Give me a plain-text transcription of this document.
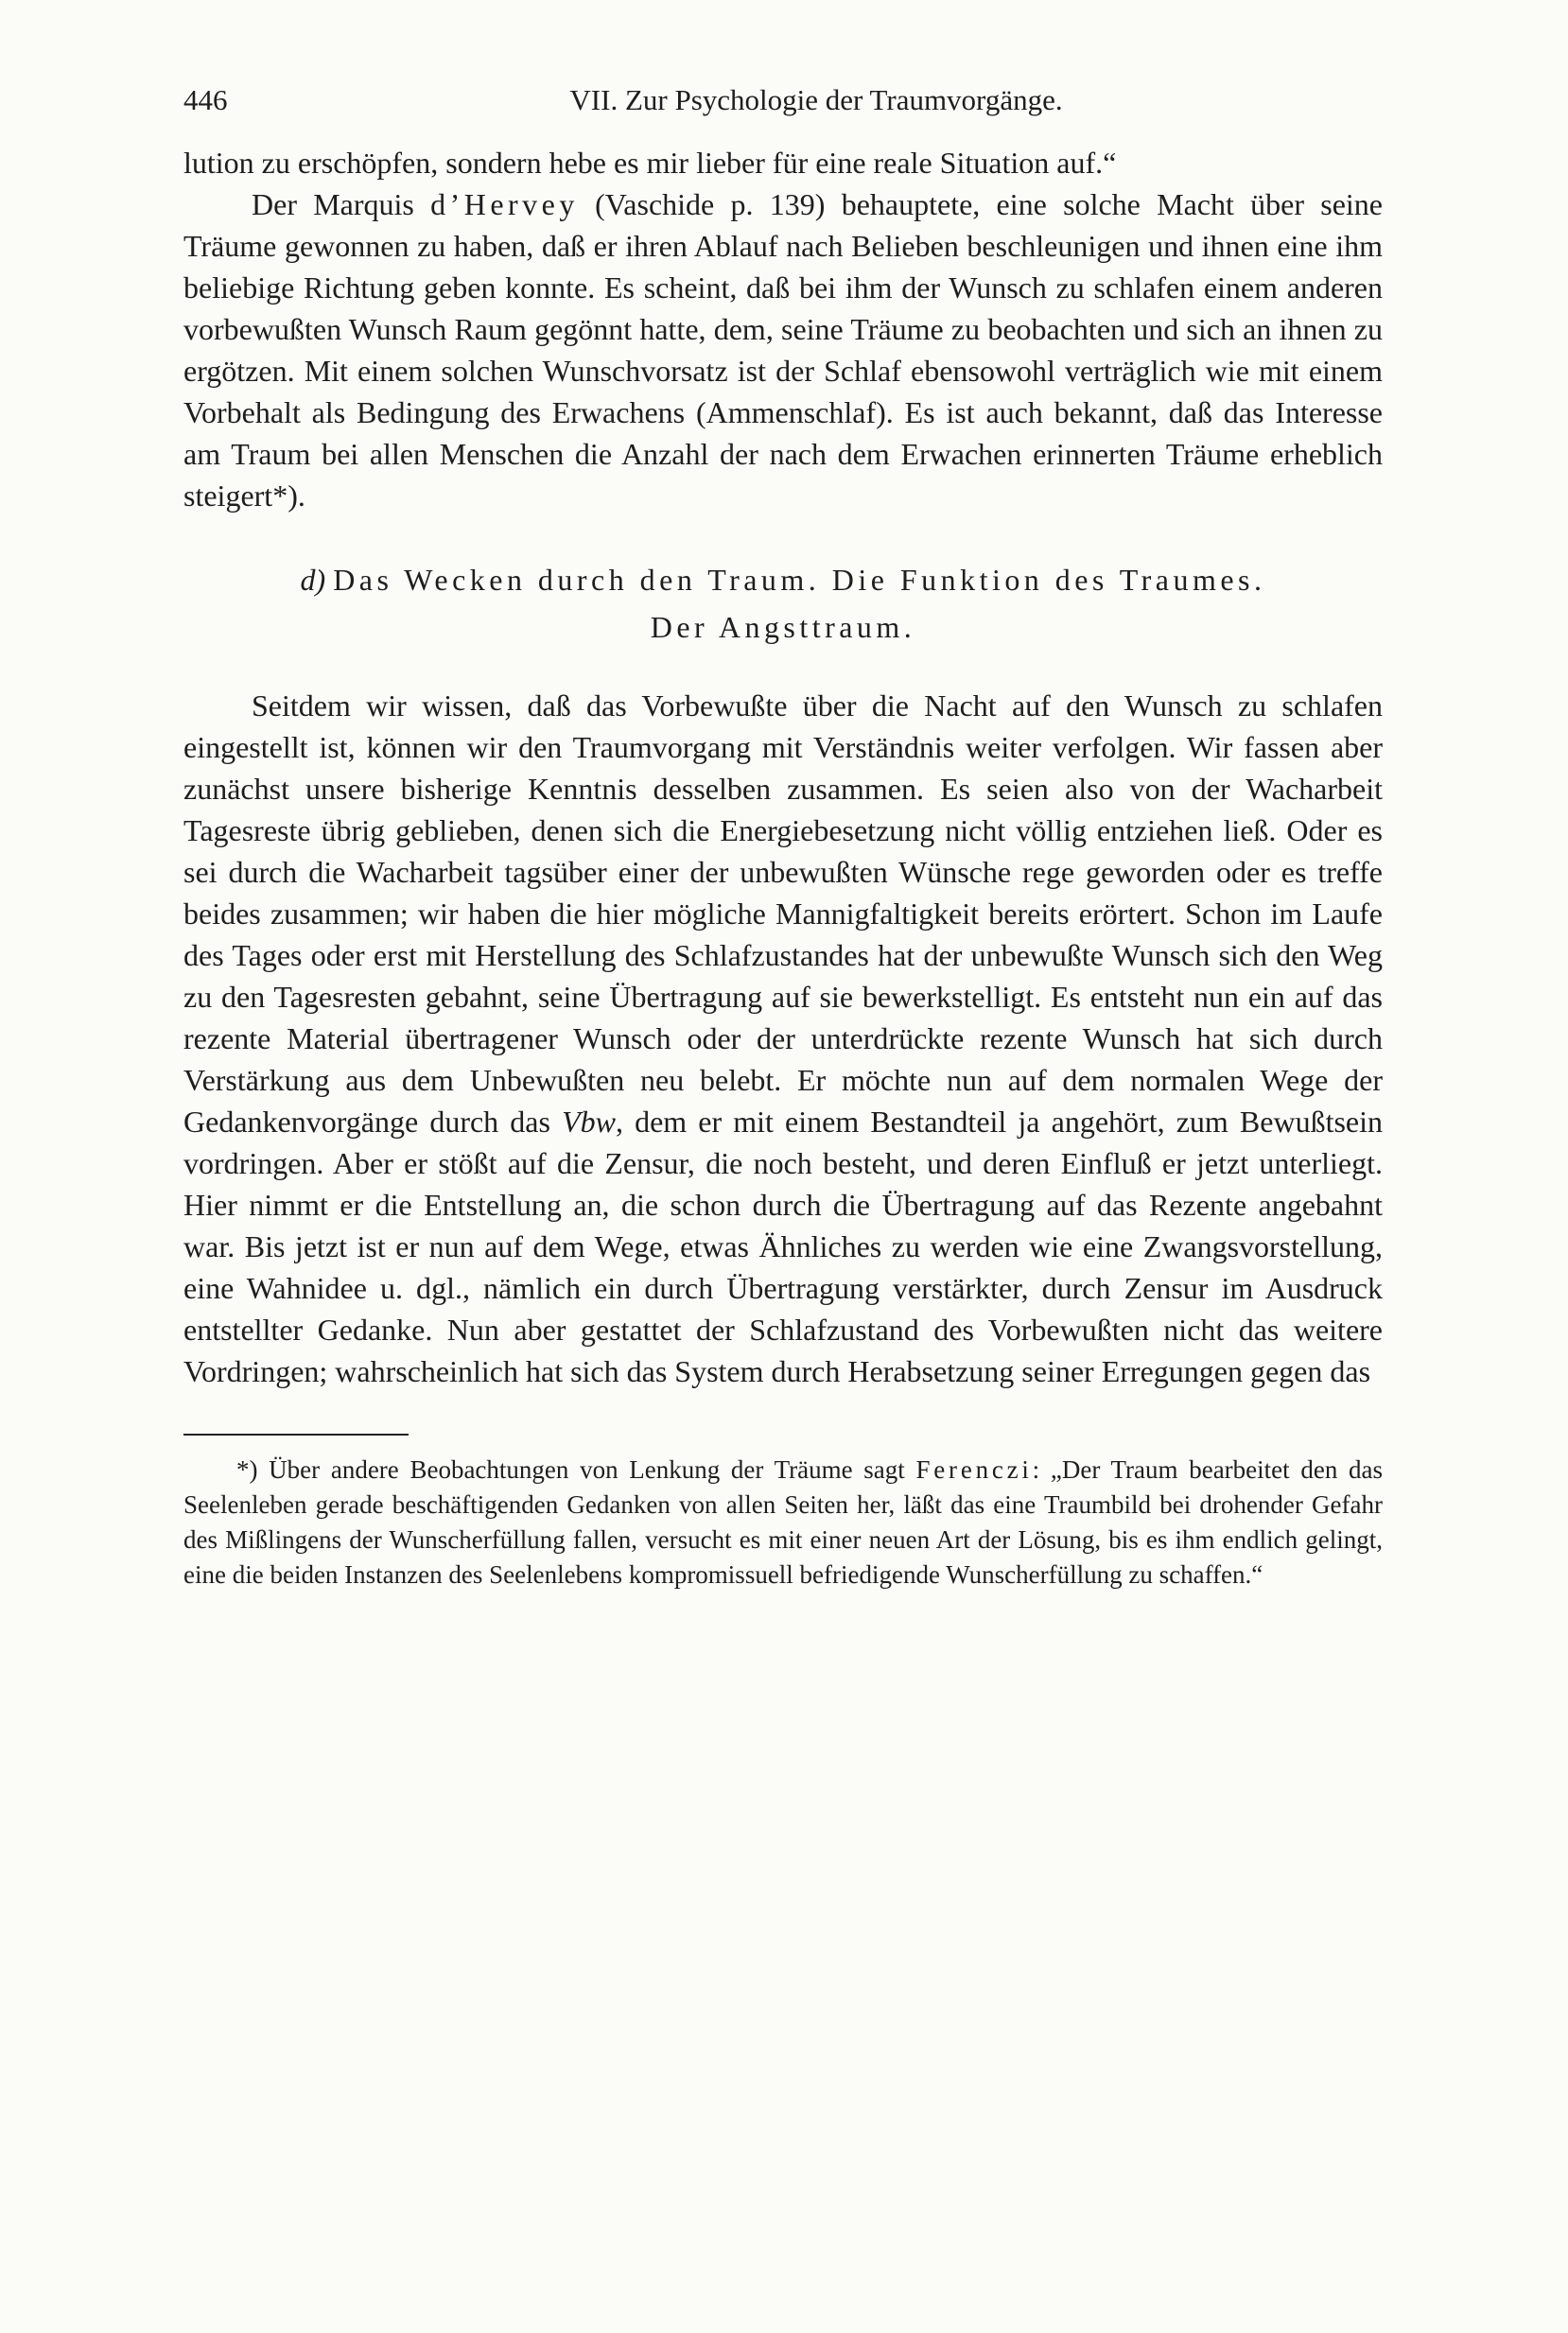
446	VII. Zur Psychologie der Traumvorgänge.

lution zu erschöpfen, sondern hebe es mir lieber für eine reale Situation auf.“

Der Marquis d’Hervey (Vaschide p. 139) behauptete, eine solche Macht über seine Träume gewonnen zu haben, daß er ihren Ablauf nach Belieben beschleunigen und ihnen eine ihm beliebige Richtung geben konnte. Es scheint, daß bei ihm der Wunsch zu schlafen einem anderen vorbewußten Wunsch Raum gegönnt hatte, dem, seine Träume zu beobachten und sich an ihnen zu ergötzen. Mit einem solchen Wunschvorsatz ist der Schlaf ebensowohl verträglich wie mit einem Vorbehalt als Bedingung des Erwachens (Ammenschlaf). Es ist auch bekannt, daß das Interesse am Traum bei allen Menschen die Anzahl der nach dem Erwachen erinnerten Träume erheblich steigert*).

d) Das Wecken durch den Traum. Die Funktion des Traumes.
Der Angsttraum.

Seitdem wir wissen, daß das Vorbewußte über die Nacht auf den Wunsch zu schlafen eingestellt ist, können wir den Traumvorgang mit Verständnis weiter verfolgen. Wir fassen aber zunächst unsere bisherige Kenntnis desselben zusammen. Es seien also von der Wacharbeit Tagesreste übrig geblieben, denen sich die Energiebesetzung nicht völlig entziehen ließ. Oder es sei durch die Wacharbeit tagsüber einer der unbewußten Wünsche rege geworden oder es treffe beides zusammen; wir haben die hier mögliche Mannigfaltigkeit bereits erörtert. Schon im Laufe des Tages oder erst mit Herstellung des Schlafzustandes hat der unbewußte Wunsch sich den Weg zu den Tagesresten gebahnt, seine Übertragung auf sie bewerkstelligt. Es entsteht nun ein auf das rezente Material übertragener Wunsch oder der unterdrückte rezente Wunsch hat sich durch Verstärkung aus dem Unbewußten neu belebt. Er möchte nun auf dem normalen Wege der Gedankenvorgänge durch das Vbw, dem er mit einem Bestandteil ja angehört, zum Bewußtsein vordringen. Aber er stößt auf die Zensur, die noch besteht, und deren Einfluß er jetzt unterliegt. Hier nimmt er die Entstellung an, die schon durch die Übertragung auf das Rezente angebahnt war. Bis jetzt ist er nun auf dem Wege, etwas Ähnliches zu werden wie eine Zwangsvorstellung, eine Wahnidee u. dgl., nämlich ein durch Übertragung verstärkter, durch Zensur im Ausdruck entstellter Gedanke. Nun aber gestattet der Schlafzustand des Vorbewußten nicht das weitere Vordringen; wahrscheinlich hat sich das System durch Herabsetzung seiner Erregungen gegen das

*) Über andere Beobachtungen von Lenkung der Träume sagt Ferenczi: „Der Traum bearbeitet den das Seelenleben gerade beschäftigenden Gedanken von allen Seiten her, läßt das eine Traumbild bei drohender Gefahr des Mißlingens der Wunscherfüllung fallen, versucht es mit einer neuen Art der Lösung, bis es ihm endlich gelingt, eine die beiden Instanzen des Seelenlebens kompromissuell befriedigende Wunscherfüllung zu schaffen.“
